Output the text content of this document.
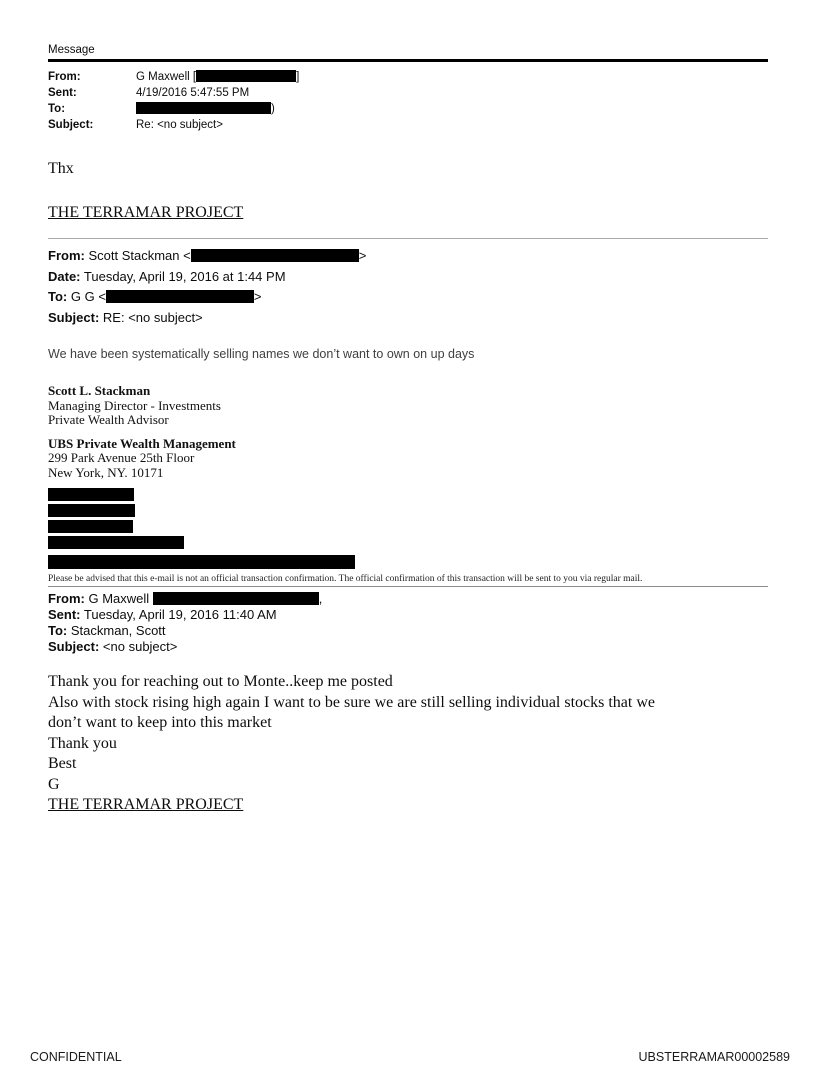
Message
From:	G Maxwell [	]
Sent:	4/19/2016 5:47:55 PM
To:	)
Subject:	Re: <no subject>
Thx
THE TERRAMAR PROJECT
From: Scott Stackman <	>
Date: Tuesday, April 19, 2016 at 1:44 PM
To: G G <	>
Subject: RE: <no subject>
We have been systematically selling names we don’t want to own on up days
Scott L. Stackman
Managing Director - Investments
Private Wealth Advisor
UBS Private Wealth Management
299 Park Avenue 25th Floor
New York, NY. 10171
Please be advised that this e-mail is not an official transaction confirmation. The official confirmation of this transaction will be sent to you via regular mail.
From: G Maxwell	,
Sent: Tuesday, April 19, 2016 11:40 AM
To: Stackman, Scott
Subject: <no subject>
Thank you for reaching out to Monte..keep me posted
Also with stock rising high again I want to be sure we are still selling individual stocks that we
don’t want to keep into this market
Thank you
Best
G
THE TERRAMAR PROJECT
CONFIDENTIAL	UBSTERRAMAR00002589
